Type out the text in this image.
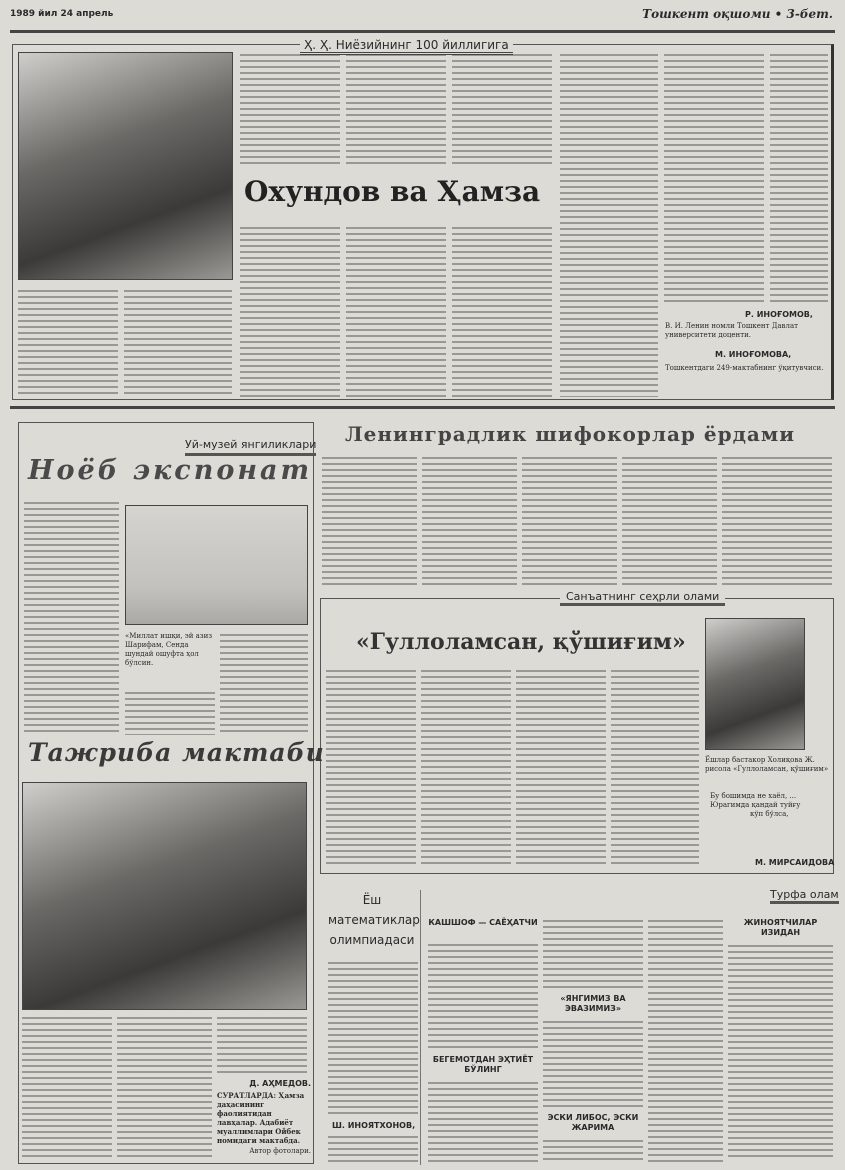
1989 йил 24 апрель	Тошкент оқшоми • 3-бет.
Ҳ. Ҳ. Ниёзийнинг 100 йиллигига
Охундов ва Ҳамза
Р. ИНОҒОМОВ,
В. И. Ленин номли Тошкент Давлат университети доценти.
М. ИНОҒОМОВА,
Тошкентдаги 249-мактабнинг ўқитувчиси.
Уй-музей янгиликлари
Ноёб экспонат
«Миллат ишқи, эй азиз Шарифам, Сенда шундай ошуфта ҳол бўлсин.
Тажриба мактаби
Д. АҲМЕДОВ.
СУРАТЛАРДА: Ҳамза даҳасининг фаолиятидан лавҳалар. Адабиёт муаллимлари Ойбек номидаги мактабда.
Автор фотолари.
Ленинградлик шифокорлар ёрдами
Санъатнинг сеҳрли олами
«Гуллоламсан, қўшиғим»
Ёшлар бастакор Холиқова Ж. рисола «Гуллоламсан, қўшиғим»
Бу бошимда не хаёл, ...
Юрагимда қандай туйғу
кўп бўлса,
М. МИРСАИДОВА
Ёш
математиклар
олимпиадаси
Ш. ИНОЯТХОНОВ,
Турфа олам
КАШШОФ — САЁҲАТЧИ
БЕГЕМОТДАН ЭҲТИЁТ БЎЛИНГ
«ЯНГИМИЗ ВА ЭВАЗИМИЗ»
ЭСКИ ЛИБОС, ЭСКИ ЖАРИМА
ЖИНОЯТЧИЛАР ИЗИДАН
